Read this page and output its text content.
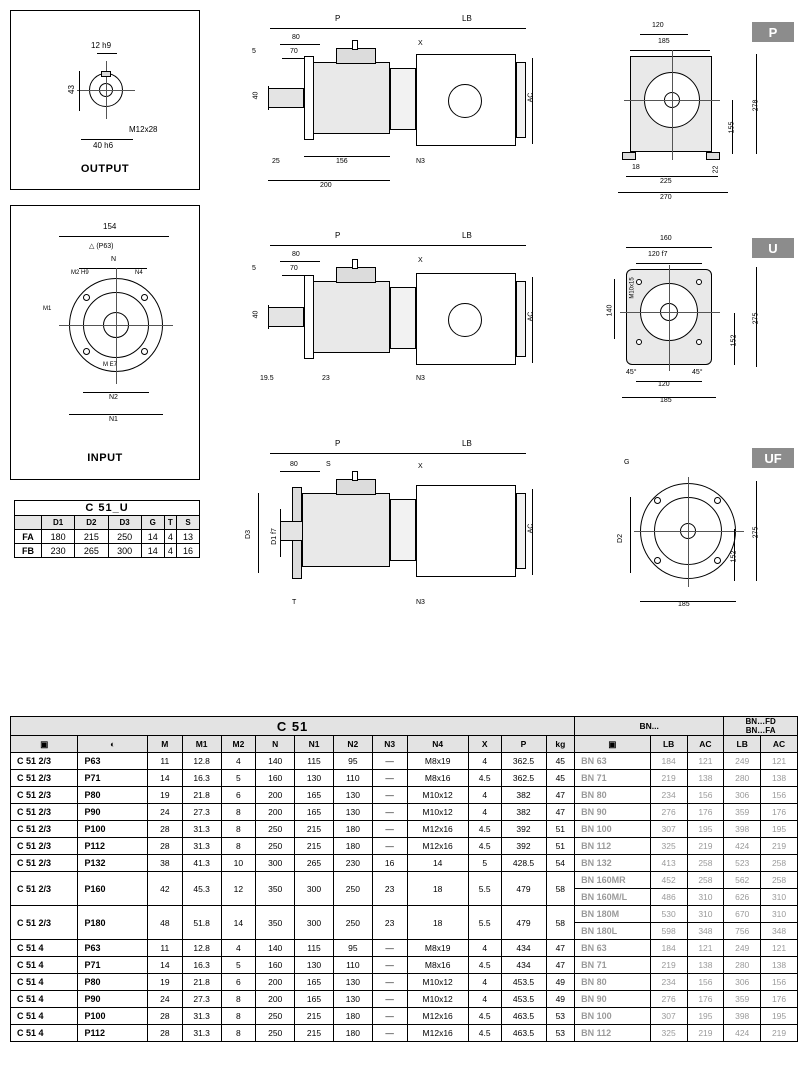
12 h9
43
M12x28
40 h6
OUTPUT
154
△ (P63)
N
M2 H9	N4
M1
M E7
N2
N1
INPUT
C 51_U						
	D1	D2	D3	G	T	S
FA	180	215	250	14	4	13
FB	230	265	300	14	4	16
P	LB
80
70
5
40
X
AC
25	156	N3
200
120
185
278
155
18	22
225
270
P
P	LB
80
70
5
40
X
AC
19.5	23	N3
160
120 f7
140
M10x15
275
152
45°	45°
120
185
U
P	LB
80	S	X
D3	D1 f7	AC
T	N3
G
D2
275
152
185
UF
C 51													BN...			BN…FD
BN…FA	
▣	◐	M	M1	M2	N	N1	N2	N3	N4	X	P	kg	▣	LB	AC	LB	AC
C 51 2/3	P63	11	12.8	4	140	115	95	—	M8x19	4	362.5	45	BN 63	184	121	249	121
C 51 2/3	P71	14	16.3	5	160	130	110	—	M8x16	4.5	362.5	45	BN 71	219	138	280	138
C 51 2/3	P80	19	21.8	6	200	165	130	—	M10x12	4	382	47	BN 80	234	156	306	156
C 51 2/3	P90	24	27.3	8	200	165	130	—	M10x12	4	382	47	BN 90	276	176	359	176
C 51 2/3	P100	28	31.3	8	250	215	180	—	M12x16	4.5	392	51	BN 100	307	195	398	195
C 51 2/3	P112	28	31.3	8	250	215	180	—	M12x16	4.5	392	51	BN 112	325	219	424	219
C 51 2/3	P132	38	41.3	10	300	265	230	16	14	5	428.5	54	BN 132	413	258	523	258
C 51 2/3	P160	42	45.3	12	350	300	250	23	18	5.5	479	58	BN 160MR	452	258	562	258
													BN 160M/L	486	310	626	310
C 51 2/3	P180	48	51.8	14	350	300	250	23	18	5.5	479	58	BN 180M	530	310	670	310
													BN 180L	598	348	756	348
C 51 4	P63	11	12.8	4	140	115	95	—	M8x19	4	434	47	BN 63	184	121	249	121
C 51 4	P71	14	16.3	5	160	130	110	—	M8x16	4.5	434	47	BN 71	219	138	280	138
C 51 4	P80	19	21.8	6	200	165	130	—	M10x12	4	453.5	49	BN 80	234	156	306	156
C 51 4	P90	24	27.3	8	200	165	130	—	M10x12	4	453.5	49	BN 90	276	176	359	176
C 51 4	P100	28	31.3	8	250	215	180	—	M12x16	4.5	463.5	53	BN 100	307	195	398	195
C 51 4	P112	28	31.3	8	250	215	180	—	M12x16	4.5	463.5	53	BN 112	325	219	424	219
